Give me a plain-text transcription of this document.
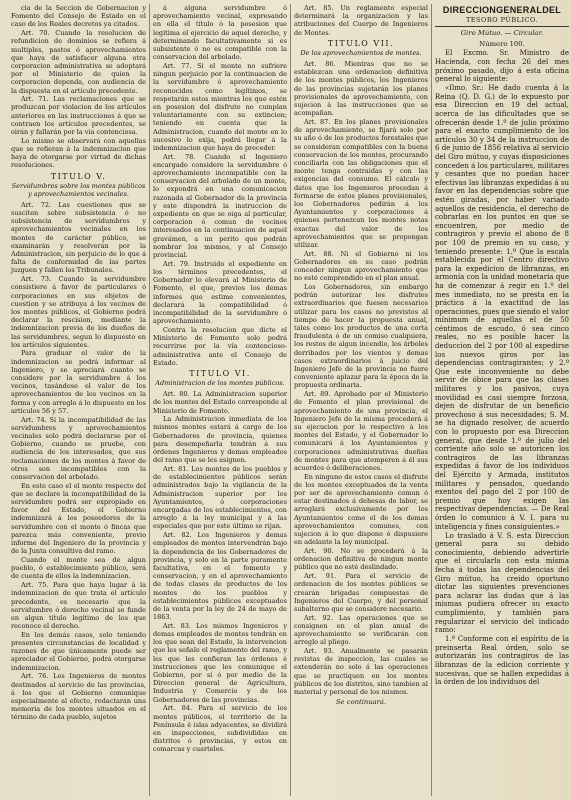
cia de la Seccion de Gobernacion y Fomento del Consejo de Estado en el caso de los Reales decretos ya citados.

Art. 70. Cuando la resolucion de refundicion de dominios se refiera á multiples, pastos ó aprovechamientos que haya de satisfacer alguna otra corporacion administrativa se adoptará por el Ministerio de quien la corporacion dependa, con audiencia de la dispuesta en el artículo precedente.

Art. 71. Las reclamaciones que se produzcan por violacion de los artículos anteriores en las instrucciones á que se contraen los artículos precedentes, se oirán y fallarán por la via contenciosa.

Lo mismo se observará con aquellas que se refieran á la indemnizacion que haya de otorgarse por virtud de dichas resoluciones.

TITULO V.
Servidumbres sobre los montes públicos y aprovechamientos vecinales.

Art. 72. Las cuestiones que se susciten sobre subsistencia ó no subsistencia de servidumbres y aprovechamientos vecinales en los montes de carácter público, se examinarán y resolverán por la Administracion, sin perjuicio de lo que á falta de conformidad de las partes juzguen y fallen los Tribunales.

Art. 73. Cuando la servidumbre consistiere á favor de particulares ó corporaciones en sus objetos de cuestion y se atribuya á los vecinos de los montes públicos, el Gobierno podrá declarar la rescision, mediante la indemnizacion previa de los dueños de las servidumbres, segun lo dispuesto en los artículos siguientes.

Para graduar el valor de la indemnizacion se podrá informar al Ingeniero, y se apreciará cuanto se considere por la servidumbre á los vecinos, tasándose el valor de los aprovechamientos de los vecinos en la forma y con arreglo á lo dispuesto en los artículos 56 y 57.

Art. 74. Si la incompatibilidad de las servidumbres y aprovechamientos vecinales solo podrá declararse por el Gobierno, cuando se pruebe, con audiencia de los interesados, que sus reclamaciones de los montes á favor de otros son incompatibles con la conservacion del arbolado.

En este caso el el monte respecto del que se declare la incompatibilidad de la servidumbre podrá ser expropiado en favor del Estado, el Gobierno indemnizará á los poseedores de la servidumbre con el monte ó fincas que parezca más conveniente, previo informe del Ingeniero de la provincia y de la Junta consultiva del ramo.

Cuando el monte sea de algun pueblo, ó establecimiento público, será de cuenta de ellos la indemnizacion.

Art. 75. Para que haya lugar á la indemnizacion de que trata el artículo precedente, es necesario que la servidumbre ó derecho vecinal se funde en algun título legítimo de los que reconoce el derecho.

En los demás casos, solo teniendo presentes circunstancias de localidad y razones de que únicamente puede ser apreciador el Gobierno, podrá otorgarse indemnizacion.

Art. 76. Los Ingenieros de montes destinados al servicio de las provincias, á los que el Gobierno comunique especialmente al efecto, redactarán una memoria de los montes situados en el término de cada pueblo, sujetos

á alguna servidumbre ó aprovechamiento vecinal, expresando en ella el título ó la posesion que legitima el ejercicio de aquel derecho, y determinando facultativamente si es subsistente ó no es compatible con la conservacion del arbolado.

Art. 77. Si el monte no sufriere ningun perjuicio por la continuacion de la servidumbre ó aprovechamiento reconocidos como legítimos, se respetarán estos mientras los que estén en posesion del disfrute no cumplan voluntariamente con su extincion; teniendo en cuenta que la Administracion, cuando del monte en lo sucesivo lo exija, podrá llegar á la indemnizacion que haya de preceder.

Art. 78. Cuando el Ingeniero encargado considere la servidumbre ó aprovechamiento incompatible con la conservacion del arbolado de un monte, lo expondrá en una comunicacion razonada al Gobernador de la provincia y este dispondrá la instruccion de expediente en que se oiga al particular, corporacion ó comun de vecinos interesados en la continuacion de aquel gravámen, a un perito que podrán nombrar los mismos, y al Consejo provincial.

Art. 79. Instruido el expediente en los términos precedentes, el Gobernador lo elevará al Ministerio de Fomento, el que, previos los demas informes que estime convenientes, declarará la compatibilidad ó incompatibilidad de la servidumbre ó aprovechamiento.

Contra la resolucion que dicte el Ministerio de Fomento solo podrá recurrirse por la vía contencioso-administrativa ante el Consejo de Estado.

TITULO VI.
Administracion de los montes públicos.

Art. 80. La Administracion superior de los montes del Estado corresponde al Ministerio de Fomento.

La Administracion inmediata de los mismos montes estará á cargo de los Gobernadores de provincia, quienes para desempeñarla tendrán á sus órdenes Ingenieros y demas empleados del ramo que se les asignen.

Art. 81. Los montes de los pueblos y de establecimientos públicos serán administrados bajo la vigilancia de la Administracion superior por los Ayuntamientos, ó corporaciones encargadas de los establecimientos, con arreglo á la ley municipal y á las especiales que por este último se rijan.

Art. 82. Los Ingenieros y demas empleados de montes intervendrán bajo la dependencia de los Gobernadores de provincia, y solo en la parte puramente facultativa, en el fomento y conservacion, y en el aprovechamiento de todas clases de productos de los montes de los pueblos y establecimientos públicos exceptuados de la venta por la ley de 24 de mayo de 1863.

Art. 83. Los mismos Ingenieros y demas empleados de montes tendrán en los que sean del Estado, la intervencion que les señale el reglamento del ramo, y les que les confieran las órdenes é instrucciones que les comunique el Gobierno, por sí ó por medio de la Direccion general de Agricultura, Industria y Comercio y de los Gobernadores de las provincias.

Art. 84. Para el servicio de los montes públicos, el territorio de la Península é islas adyacentes, se dividirá en inspecciones, subdivididas en distritos ó provincias, y estos en comarcas y cuarteles.

Art. 85. Un reglamento especial determinará la organizacion y las atribuciones del Cuerpo de Ingenieros de Montes.

TITULO VII.
De los aprovechamientos de montes.

Art. 86. Mientras que no se establezcan una ordenacion definitiva de los montes públicos, los Ingenieros de las provincias sujetarán los planes provisionales de aprovechamiento, con sujecion á las instrucciones que se acompañan.

Art. 87. En los planes provisionales de aprovechamiento, se fijará solo por su año ó de los productos forestales que se consideran compatibles con la buena conservacion de los montes, procurando conciliarla con las obligaciones que el monte tenga contraidas y con las exigencias del consumo. El cálculo y datos que los Ingenieros procedan á formarse de estos planes provisionales, los Gobernadores pedirán á los Ayuntamientos y corporaciones á quienes pertenezcan los montes notas exactas del valor de los aprovechamientos que se propongan utilizar.

Art. 88. Ni el Gobierno ni los Gobernadores en su caso podrán conceder ningun aprovechamiento que no esté comprendido en el plan anual.

Los Gobernadores, sin embargo podrán autorizar los disfrutes extraordinarios que fuesen necesarios utilizar para los casos no previstos al tiempo de hacer la propuesta anual, tales como los productos de una corta fraudulenta ó de un comiso cualquiera, los restos de algun incendio, los árboles derribados por los vientos y demas casos extraordinarios á juicio del Ingeniero Jefe de la provincia no fuere conveniente aplazar para la época de la propuesta ordinaria.

Art. 89. Aprobado por el Ministerio de Fomento el plan provisional de aprovechamiento de una provincia, el Ingeniero Jefe de la misma procederá á su ejecucion por lo respectivo á los montes del Estado, y el Gobernador lo comunicará á los Ayuntamientos y corporaciones administrativas dueñas de montes para que atemperen á él sus acuerdos ó deliberaciones.

En ninguno de estos casos el disfrute de los montes exceptuados de la venta por ser de aprovechamiento comun ó estar destinados á dehesas de labor, se arreglará exclusivamente por los Ayuntamientos como el de los demas aprovechamientos comunes, con sujecion á lo que dispone ó dispusiere en adelante la ley municipal.

Art. 90. No se procederá á la ordenacion definitiva de ningun monte público que no esté deslindado.

Art. 91. Para el servicio de ordenacion de los montes públicos se crearán brigadas compuestas de Ingenieros del Cuerpo, y del personal subalterno que se considere necesario.

Art. 92. Las operaciones que se consignen en el plan anual de aprovechamiento se verificarán con arreglo al pliego.

Art. 93. Anualmente se pasarán revistas de inspeccion, las cuales se extenderán no solo á las operaciones que se practiquen en los montes públicos de los distritos, sino tambien al material y personal de los mismos.

Se continuará.
DIRECCIONGENERALDEL
TESORO PÚBLICO.
Giro Mútuo. — Circular.
Número 100.

El Excmo. Sr. Ministro de Hacienda, con fecha 26 del mes próximo pasado, dijo á esta oficina general lo siguiente:

«Ilmo. Sr.: He dado cuenta á la Reina (Q. D. G.) de lo expuesto por esa Direccion en 19 del actual, acerca de las dificultades que se ofrecerán desde 1.º de julio próximo para el exacto cumplimiento de los artículos 30 y 34 de la instruccion de 6 de junio de 1856 relativa al servicio del Giro mútuo, y cuyas disposiciones conceden á los particulares, militares y cesantes que no puedan hacer efectivas las libranzas expedidas á su favor en las dependencias sobre que estén giradas, por haber variado aquellos de residencia, el derecho de cobrarlas en los puntos en que se encuentren, por medio de contragiros y previo el abono de 8 por 100 de premio en su caso, y teniendo presente: 1.º Que la escala establecida por el Centro directivo para la expedicion de libranzas, en armonía con la unidad monetaria que ha de comenzar á regir en 1.º del mes inmediato, no se presta en la práctica á la exactitud de las operaciones, pues que siendo el valor mínimum de aquellas el de 50 céntimos de escudo, ó sea cinco reales, no es posible hacer la deduccion del 2 por 100 al expedirse los nuevos giros por las dependencias contragirantes; y 2.º Que este inconveniente no debe servir de óbice para que las clases militares y los pasivos, cuya movilidad es casi siempre forzosa, dejen de disfrutar de un beneficio provechoso á sus necesidades; S. M. se ha dignado resolver, de acuerdo con lo propuesto por esa Direccion general, que desde 1.º de julio del corriente año solo se autoricen los contragiros de las libranzas expedidas á favor de los individuos del Ejército y Armada, institutos militares y pensados, quedando exentos del pago del 2 por 100 de premio que hoy exigen las respectivas dependencias. — De Real órden lo comunico á V. I. para su inteligencia y fines consiguientes.»

Lo traslado á V. S. esta Direccion general para su debido conocimiento, debiendo advertirle que el circularla con esta misma fecha á todas las dependencias del Giro mútuo, ha creido oportuno dictar las siguientes prevenciones para aclarar las dudas que á las mismas pudiera ofrecer su exacto cumplimiento, y también para regularizar el servicio del indicado ramo:

1.ª Conforme con el espíritu de la preinserta Real órden, solo se autorizarán los contragiros de las libranzas de la edicion corriente y sucesivas, que se hallen expedidas á la órden de los individuos del
